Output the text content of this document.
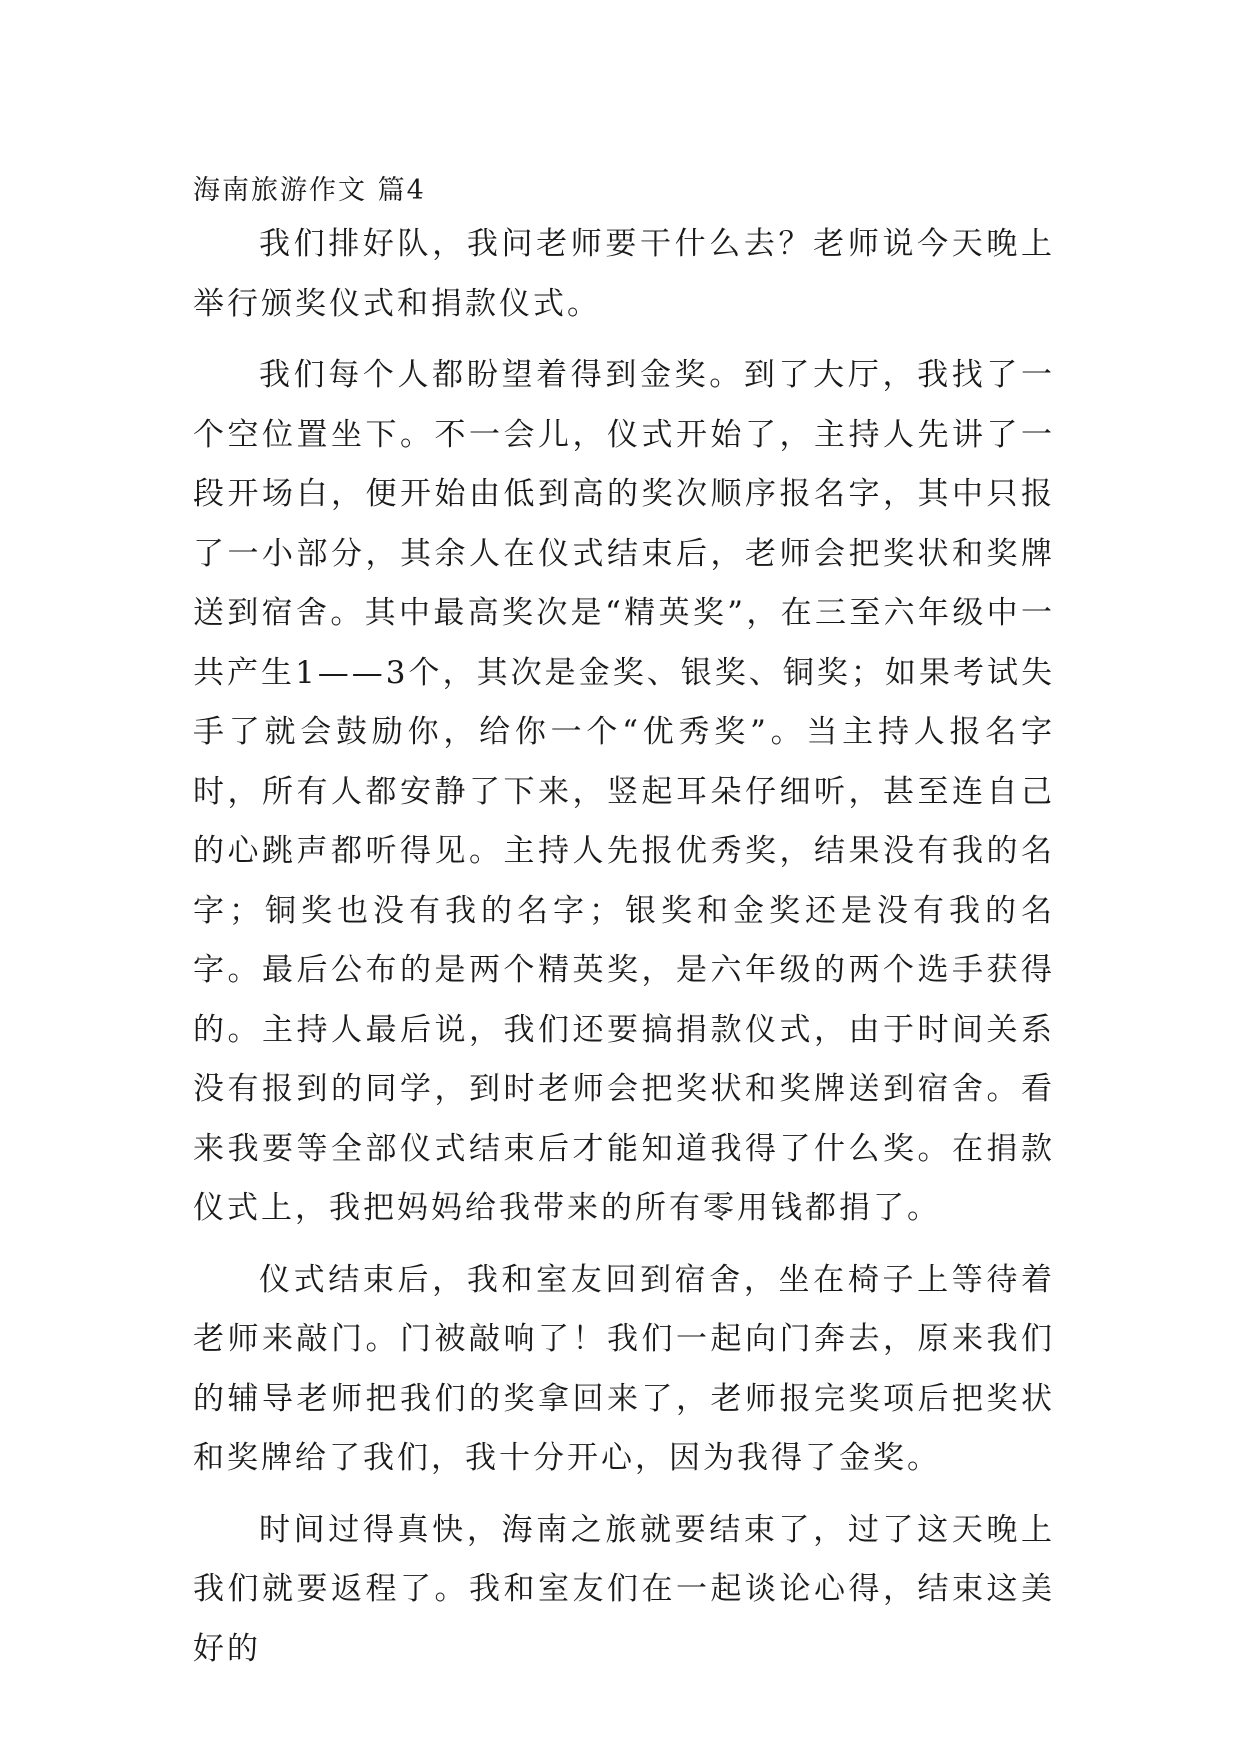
海南旅游作文 篇4

我们排好队，我问老师要干什么去？老师说今天晚上举行颁奖仪式和捐款仪式。

我们每个人都盼望着得到金奖。到了大厅，我找了一个空位置坐下。不一会儿，仪式开始了，主持人先讲了一段开场白，便开始由低到高的奖次顺序报名字，其中只报了一小部分，其余人在仪式结束后，老师会把奖状和奖牌送到宿舍。其中最高奖次是“精英奖”，在三至六年级中一共产生1——3个，其次是金奖、银奖、铜奖；如果考试失手了就会鼓励你，给你一个“优秀奖”。当主持人报名字时，所有人都安静了下来，竖起耳朵仔细听，甚至连自己的心跳声都听得见。主持人先报优秀奖，结果没有我的名字；铜奖也没有我的名字；银奖和金奖还是没有我的名字。最后公布的是两个精英奖，是六年级的两个选手获得的。主持人最后说，我们还要搞捐款仪式，由于时间关系没有报到的同学，到时老师会把奖状和奖牌送到宿舍。看来我要等全部仪式结束后才能知道我得了什么奖。在捐款仪式上，我把妈妈给我带来的所有零用钱都捐了。

仪式结束后，我和室友回到宿舍，坐在椅子上等待着老师来敲门。门被敲响了！我们一起向门奔去，原来我们的辅导老师把我们的奖拿回来了，老师报完奖项后把奖状和奖牌给了我们，我十分开心，因为我得了金奖。

时间过得真快，海南之旅就要结束了，过了这天晚上我们就要返程了。我和室友们在一起谈论心得，结束这美好的
